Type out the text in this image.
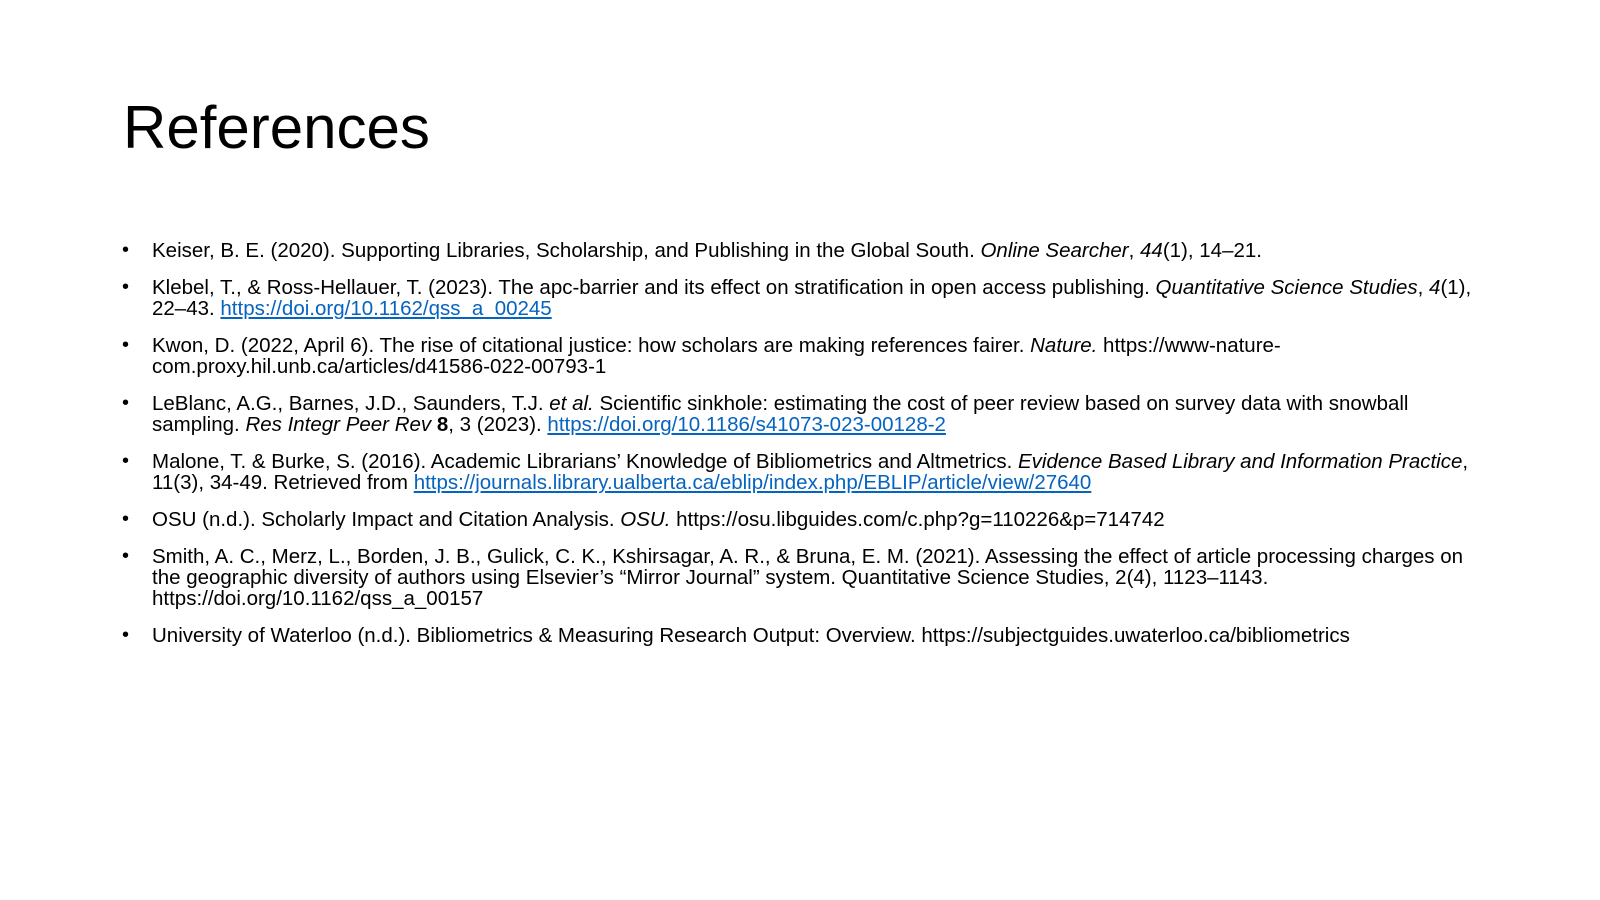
References
• Keiser, B. E. (2020). Supporting Libraries, Scholarship, and Publishing in the Global South. Online Searcher, 44(1), 14–21.
• Klebel, T., & Ross-Hellauer, T. (2023). The apc-barrier and its effect on stratification in open access publishing. Quantitative Science Studies, 4(1), 22–43. https://doi.org/10.1162/qss_a_00245
• Kwon, D. (2022, April 6). The rise of citational justice: how scholars are making references fairer. Nature. https://www-nature-com.proxy.hil.unb.ca/articles/d41586-022-00793-1
• LeBlanc, A.G., Barnes, J.D., Saunders, T.J. et al. Scientific sinkhole: estimating the cost of peer review based on survey data with snowball sampling. Res Integr Peer Rev 8, 3 (2023). https://doi.org/10.1186/s41073-023-00128-2
• Malone, T. & Burke, S. (2016). Academic Librarians’ Knowledge of Bibliometrics and Altmetrics. Evidence Based Library and Information Practice, 11(3), 34-49. Retrieved from https://journals.library.ualberta.ca/eblip/index.php/EBLIP/article/view/27640
• OSU (n.d.). Scholarly Impact and Citation Analysis. OSU. https://osu.libguides.com/c.php?g=110226&p=714742
• Smith, A. C., Merz, L., Borden, J. B., Gulick, C. K., Kshirsagar, A. R., & Bruna, E. M. (2021). Assessing the effect of article processing charges on the geographic diversity of authors using Elsevier’s “Mirror Journal” system. Quantitative Science Studies, 2(4), 1123–1143. https://doi.org/10.1162/qss_a_00157
• University of Waterloo (n.d.). Bibliometrics & Measuring Research Output: Overview. https://subjectguides.uwaterloo.ca/bibliometrics
